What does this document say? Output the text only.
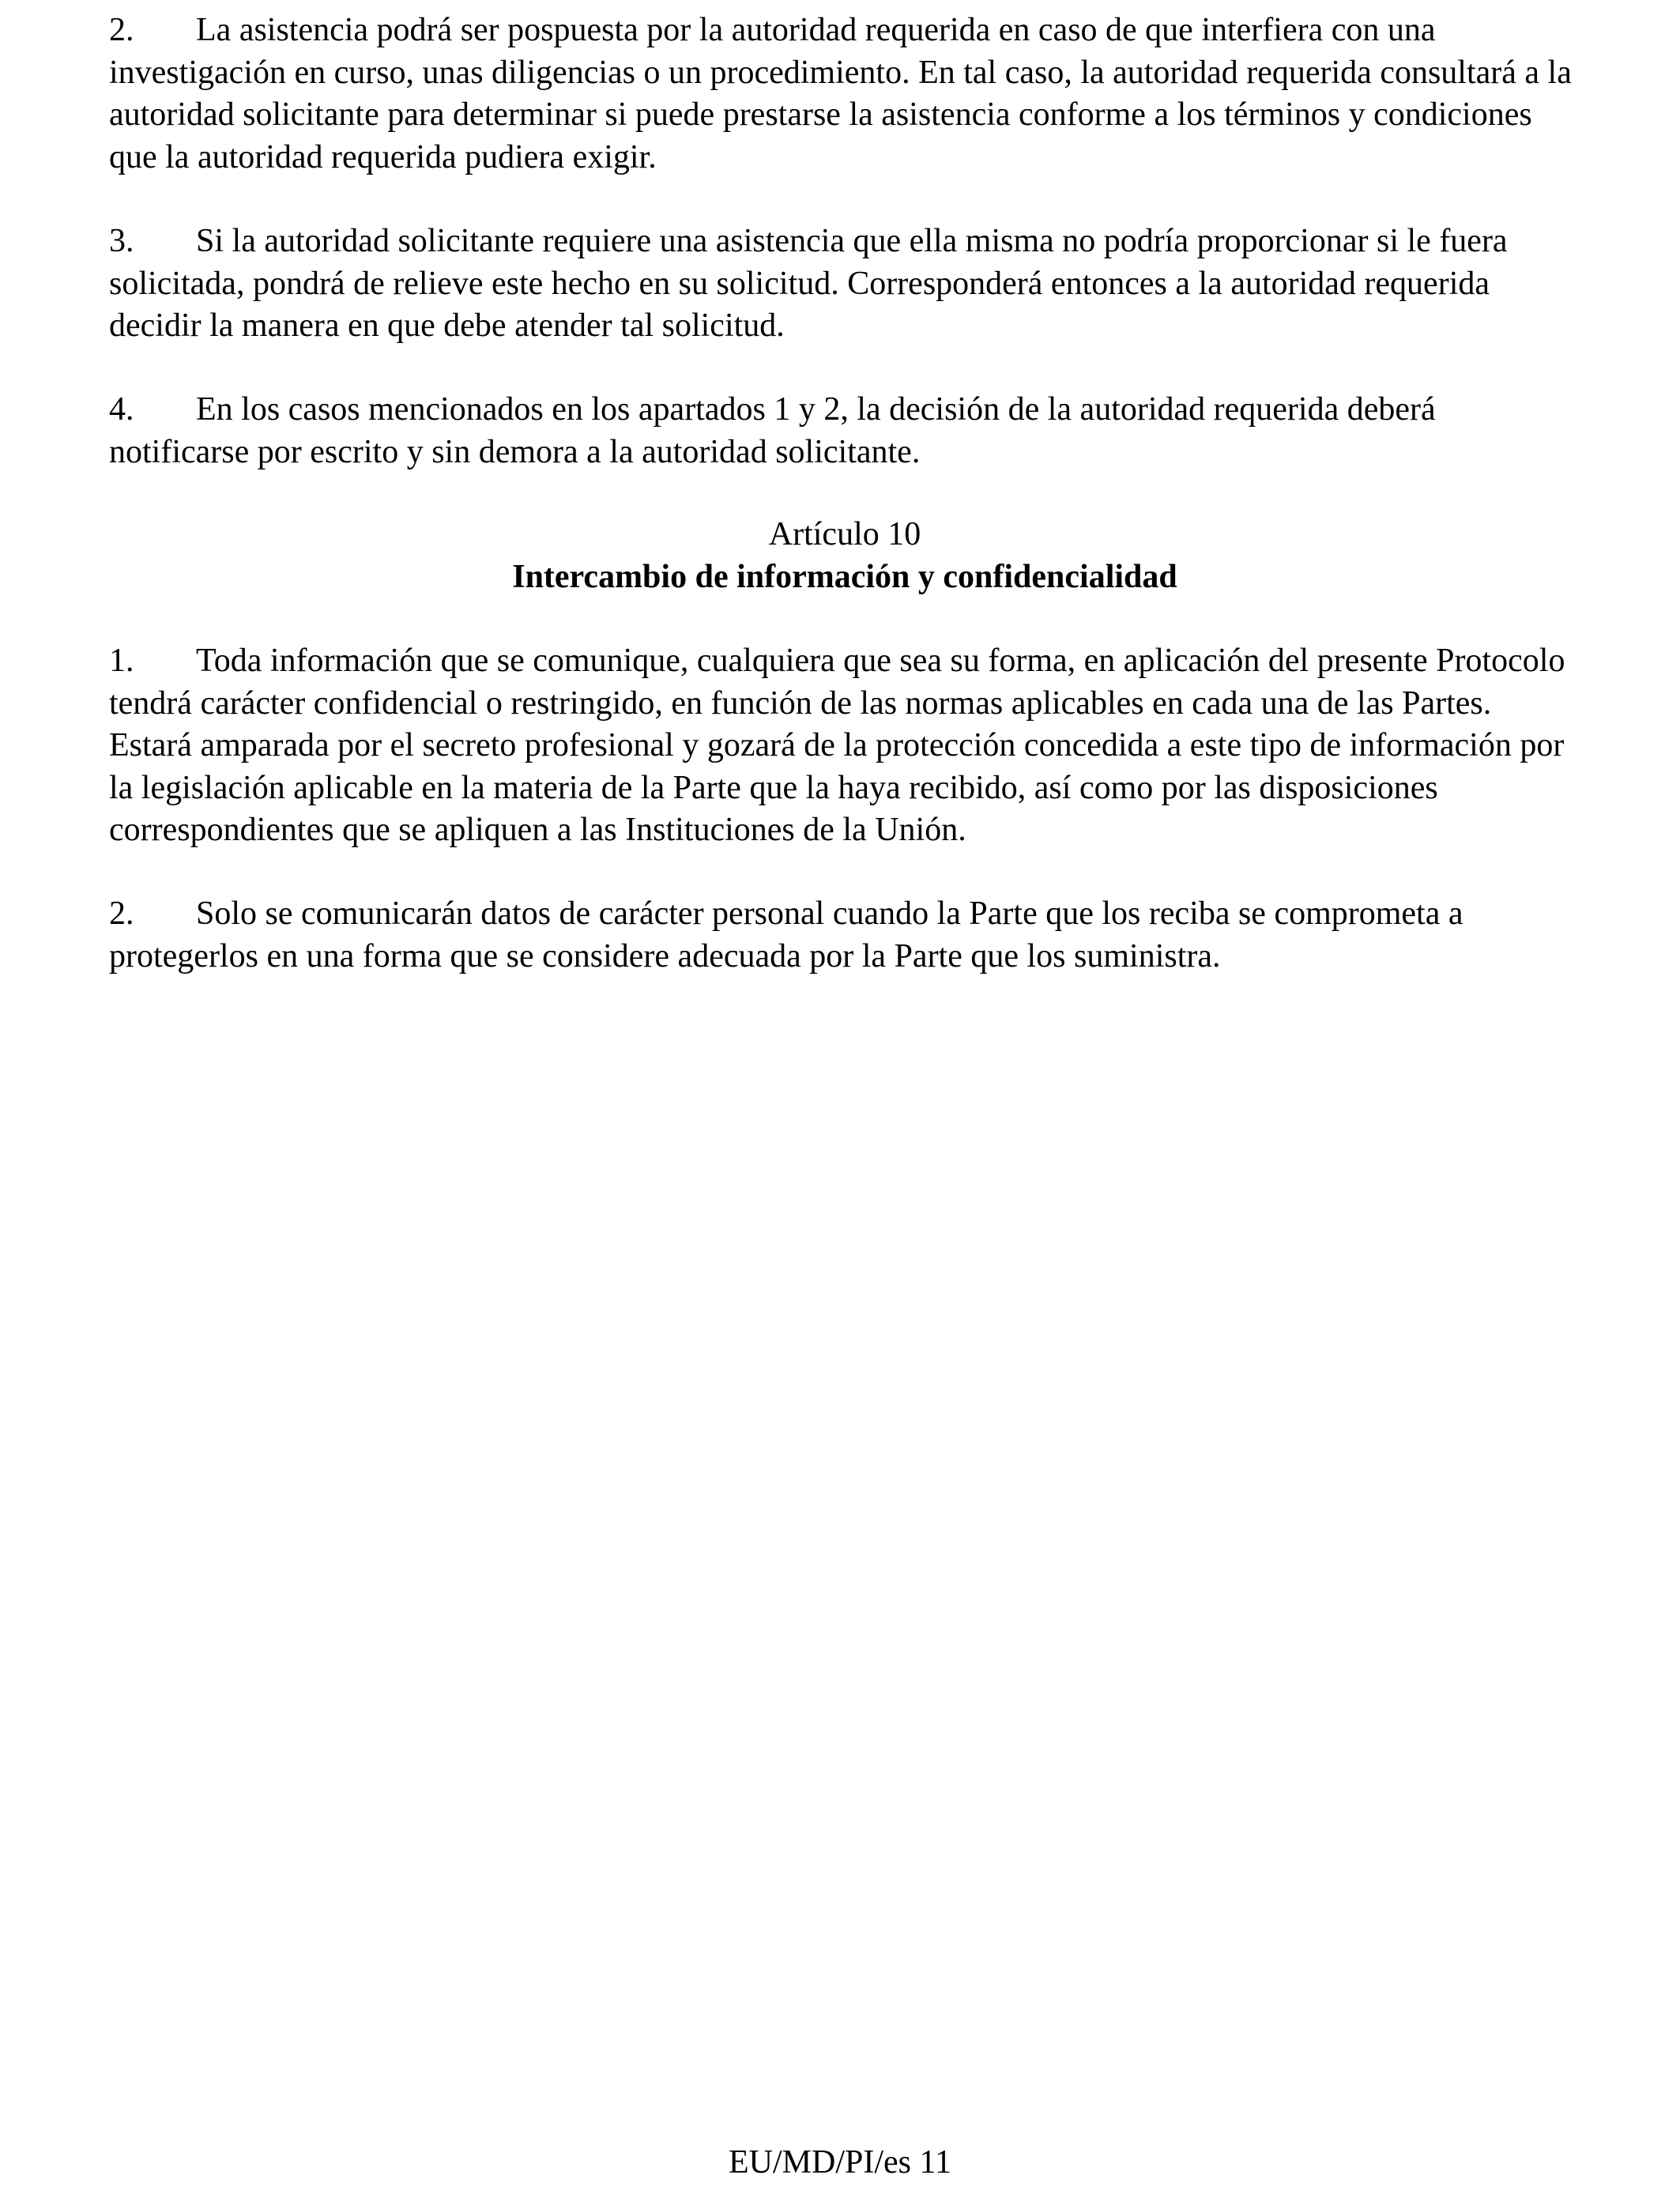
2. La asistencia podrá ser pospuesta por la autoridad requerida en caso de que interfiera con una investigación en curso, unas diligencias o un procedimiento. En tal caso, la autoridad requerida consultará a la autoridad solicitante para determinar si puede prestarse la asistencia conforme a los términos y condiciones que la autoridad requerida pudiera exigir.

3. Si la autoridad solicitante requiere una asistencia que ella misma no podría proporcionar si le fuera solicitada, pondrá de relieve este hecho en su solicitud. Corresponderá entonces a la autoridad requerida decidir la manera en que debe atender tal solicitud.

4. En los casos mencionados en los apartados 1 y 2, la decisión de la autoridad requerida deberá notificarse por escrito y sin demora a la autoridad solicitante.

Artículo 10
Intercambio de información y confidencialidad

1. Toda información que se comunique, cualquiera que sea su forma, en aplicación del presente Protocolo tendrá carácter confidencial o restringido, en función de las normas aplicables en cada una de las Partes. Estará amparada por el secreto profesional y gozará de la protección concedida a este tipo de información por la legislación aplicable en la materia de la Parte que la haya recibido, así como por las disposiciones correspondientes que se apliquen a las Instituciones de la Unión.

2. Solo se comunicarán datos de carácter personal cuando la Parte que los reciba se comprometa a protegerlos en una forma que se considere adecuada por la Parte que los suministra.

EU/MD/PI/es 11
